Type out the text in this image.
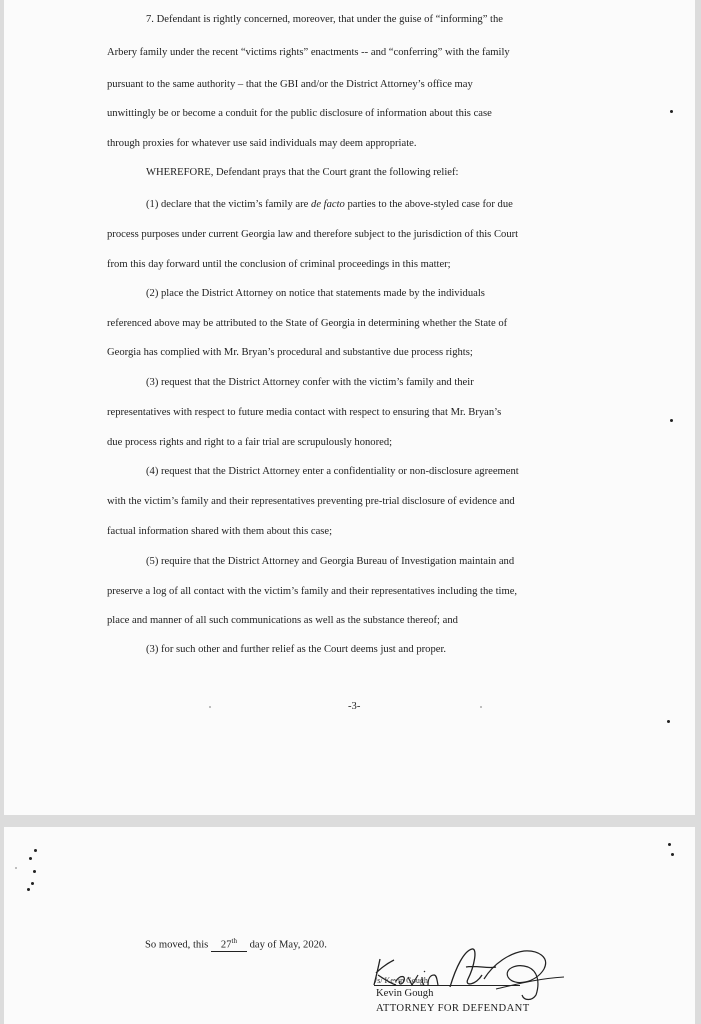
7. Defendant is rightly concerned, moreover, that under the guise of “informing” the
Arbery family under the recent “victims rights” enactments -- and “conferring” with the family
pursuant to the same authority – that the GBI and/or the District Attorney’s office may
unwittingly be or become a conduit for the public disclosure of information about this case
through proxies for whatever use said individuals may deem appropriate.
WHEREFORE, Defendant prays that the Court grant the following relief:
(1) declare that the victim’s family are de facto parties to the above-styled case for due
process purposes under current Georgia law and therefore subject to the jurisdiction of this Court
from this day forward until the conclusion of criminal proceedings in this matter;
(2) place the District Attorney on notice that statements made by the individuals
referenced above may be attributed to the State of Georgia in determining whether the State of
Georgia has complied with Mr. Bryan’s procedural and substantive due process rights;
(3) request that the District Attorney confer with the victim’s family and their
representatives with respect to future media contact with respect to ensuring that Mr. Bryan’s
due process rights and right to a fair trial are scrupulously honored;
(4) request that the District Attorney enter a confidentiality or non-disclosure agreement
with the victim’s family and their representatives preventing pre-trial disclosure of evidence and
factual information shared with them about this case;
(5) require that the District Attorney and Georgia Bureau of Investigation maintain and
preserve a log of all contact with the victim’s family and their representatives including the time,
place and manner of all such communications as well as the substance thereof; and
(3) for such other and further relief as the Court deems just and proper.
-3-
So moved, this 27th day of May, 2020.
/s/ Kevin Gough
Kevin Gough
ATTORNEY FOR DEFENDANT
